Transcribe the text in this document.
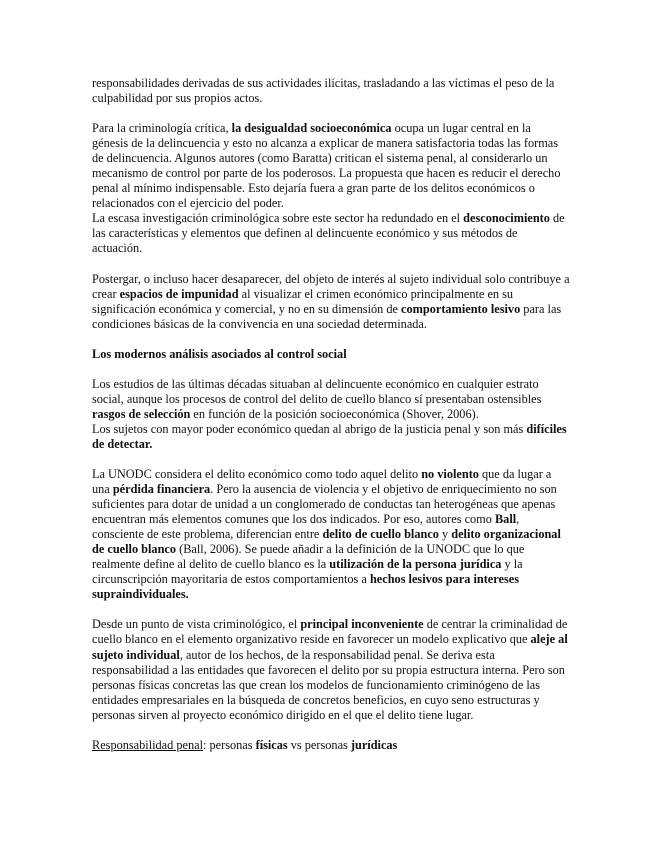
responsabilidades derivadas de sus actividades ilícitas, trasladando a las víctimas el peso de la culpabilidad por sus propios actos.

Para la criminología crítica, la desigualdad socioeconómica ocupa un lugar central en la génesis de la delincuencia y esto no alcanza a explicar de manera satisfactoria todas las formas de delincuencia. Algunos autores (como Baratta) critican el sistema penal, al considerarlo un mecanismo de control por parte de los poderosos. La propuesta que hacen es reducir el derecho penal al mínimo indispensable. Esto dejaría fuera a gran parte de los delitos económicos o relacionados con el ejercicio del poder.

La escasa investigación criminológica sobre este sector ha redundado en el desconocimiento de las características y elementos que definen al delincuente económico y sus métodos de actuación.

Postergar, o incluso hacer desaparecer, del objeto de interés al sujeto individual solo contribuye a crear espacios de impunidad al visualizar el crimen económico principalmente en su significación económica y comercial, y no en su dimensión de comportamiento lesivo para las condiciones básicas de la convivencia en una sociedad determinada.

Los modernos análisis asociados al control social

Los estudios de las últimas décadas situaban al delincuente económico en cualquier estrato social, aunque los procesos de control del delito de cuello blanco sí presentaban ostensibles rasgos de selección en función de la posición socioeconómica (Shover, 2006).

Los sujetos con mayor poder económico quedan al abrigo de la justicia penal y son más difíciles de detectar.

La UNODC considera el delito económico como todo aquel delito no violento que da lugar a una pérdida financiera. Pero la ausencia de violencia y el objetivo de enriquecimiento no son suficientes para dotar de unidad a un conglomerado de conductas tan heterogéneas que apenas encuentran más elementos comunes que los dos indicados. Por eso, autores como Ball, consciente de este problema, diferencian entre delito de cuello blanco y delito organizacional de cuello blanco (Ball, 2006). Se puede añadir a la definición de la UNODC que lo que realmente define al delito de cuello blanco es la utilización de la persona jurídica y la circunscripción mayoritaria de estos comportamientos a hechos lesivos para intereses supraindividuales.

Desde un punto de vista criminológico, el principal inconveniente de centrar la criminalidad de cuello blanco en el elemento organizativo reside en favorecer un modelo explicativo que aleje al sujeto individual, autor de los hechos, de la responsabilidad penal. Se deriva esta responsabilidad a las entidades que favorecen el delito por su propia estructura interna. Pero son personas físicas concretas las que crean los modelos de funcionamiento criminógeno de las entidades empresariales en la búsqueda de concretos beneficios, en cuyo seno estructuras y personas sirven al proyecto económico dirigido en el que el delito tiene lugar.

Responsabilidad penal: personas físicas vs personas jurídicas
